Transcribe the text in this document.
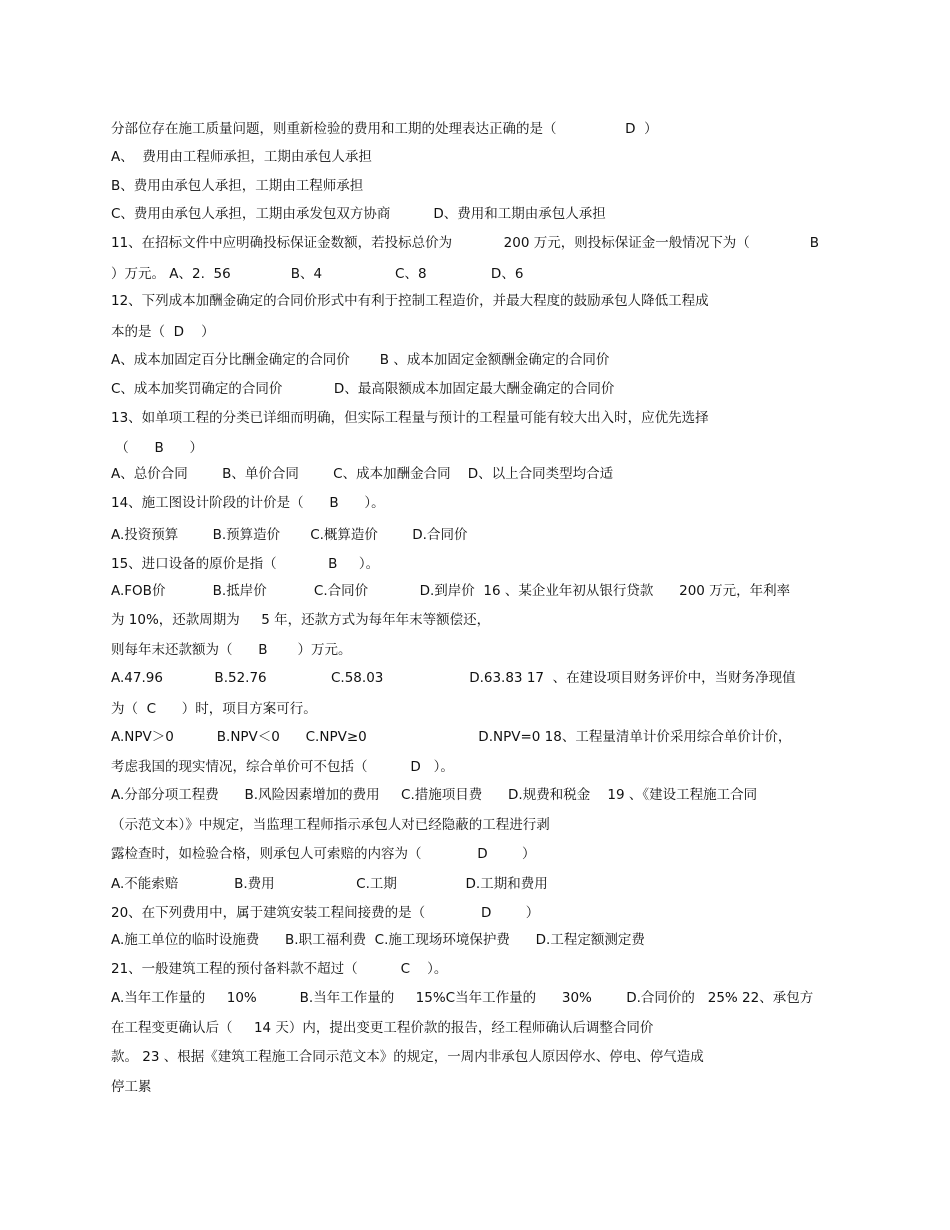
分部位存在施工质量问题，则重新检验的费用和工期的处理表达正确的是（                D  ）
A、  费用由工程师承担，工期由承包人承担
B、费用由承包人承担，工期由工程师承担
C、费用由承包人承担，工期由承发包双方协商          D、费用和工期由承包人承担
11、在招标文件中应明确投标保证金数额，若投标总价为            200 万元，则投标保证金一般情况下为（              B
）万元。 A、2.  56              B、4                 C、8               D、6
12、下列成本加酬金确定的合同价形式中有利于控制工程造价，并最大程度的鼓励承包人降低工程成
本的是（  D    ）
A、成本加固定百分比酬金确定的合同价       B 、成本加固定金额酬金确定的合同价
C、成本加奖罚确定的合同价            D、最高限额成本加固定最大酬金确定的合同价
13、如单项工程的分类已详细而明确，但实际工程量与预计的工程量可能有较大出入时，应优先选择
（      B      ）
A、总价合同        B、单价合同        C、成本加酬金合同    D、以上合同类型均合适
14、施工图设计阶段的计价是（      B      ）。
A.投资预算        B.预算造价       C.概算造价        D.合同价
15、进口设备的原价是指（            B     ）。
A.FOB价           B.抵岸价           C.合同价            D.到岸价  16 、某企业年初从银行贷款      200 万元，年利率
为 10%，还款周期为     5 年，还款方式为每年年末等额偿还，
则每年末还款额为（      B       ）万元。
A.47.96            B.52.76               C.58.03                    D.63.83 17  、在建设项目财务评价中，当财务净现值
为（  C      ）时，项目方案可行。
A.NPV＞0          B.NPV＜0      C.NPV≥0                          D.NPV=0 18、工程量清单计价采用综合单价计价，
考虑我国的现实情况，综合单价可不包括（          D   ）。
A.分部分项工程费      B.风险因素增加的费用     C.措施项目费      D.规费和税金    19 、《建设工程施工合同
（示范文本）》中规定，当监理工程师指示承包人对已经隐蔽的工程进行剥
露检查时，如检验合格，则承包人可索赔的内容为（             D        ）
A.不能索赔             B.费用                   C.工期                D.工期和费用
20、在下列费用中，属于建筑安装工程间接费的是（             D        ）
A.施工单位的临时设施费      B.职工福利费  C.施工现场环境保护费      D.工程定额测定费
21、一般建筑工程的预付备料款不超过（          C    ）。
A.当年工作量的     10%          B.当年工作量的     15%C当年工作量的      30%        D.合同价的   25% 22、承包方
在工程变更确认后（     14 天）内，提出变更工程价款的报告，经工程师确认后调整合同价
款。 23 、根据《建筑工程施工合同示范文本》的规定，一周内非承包人原因停水、停电、停气造成
停工累
